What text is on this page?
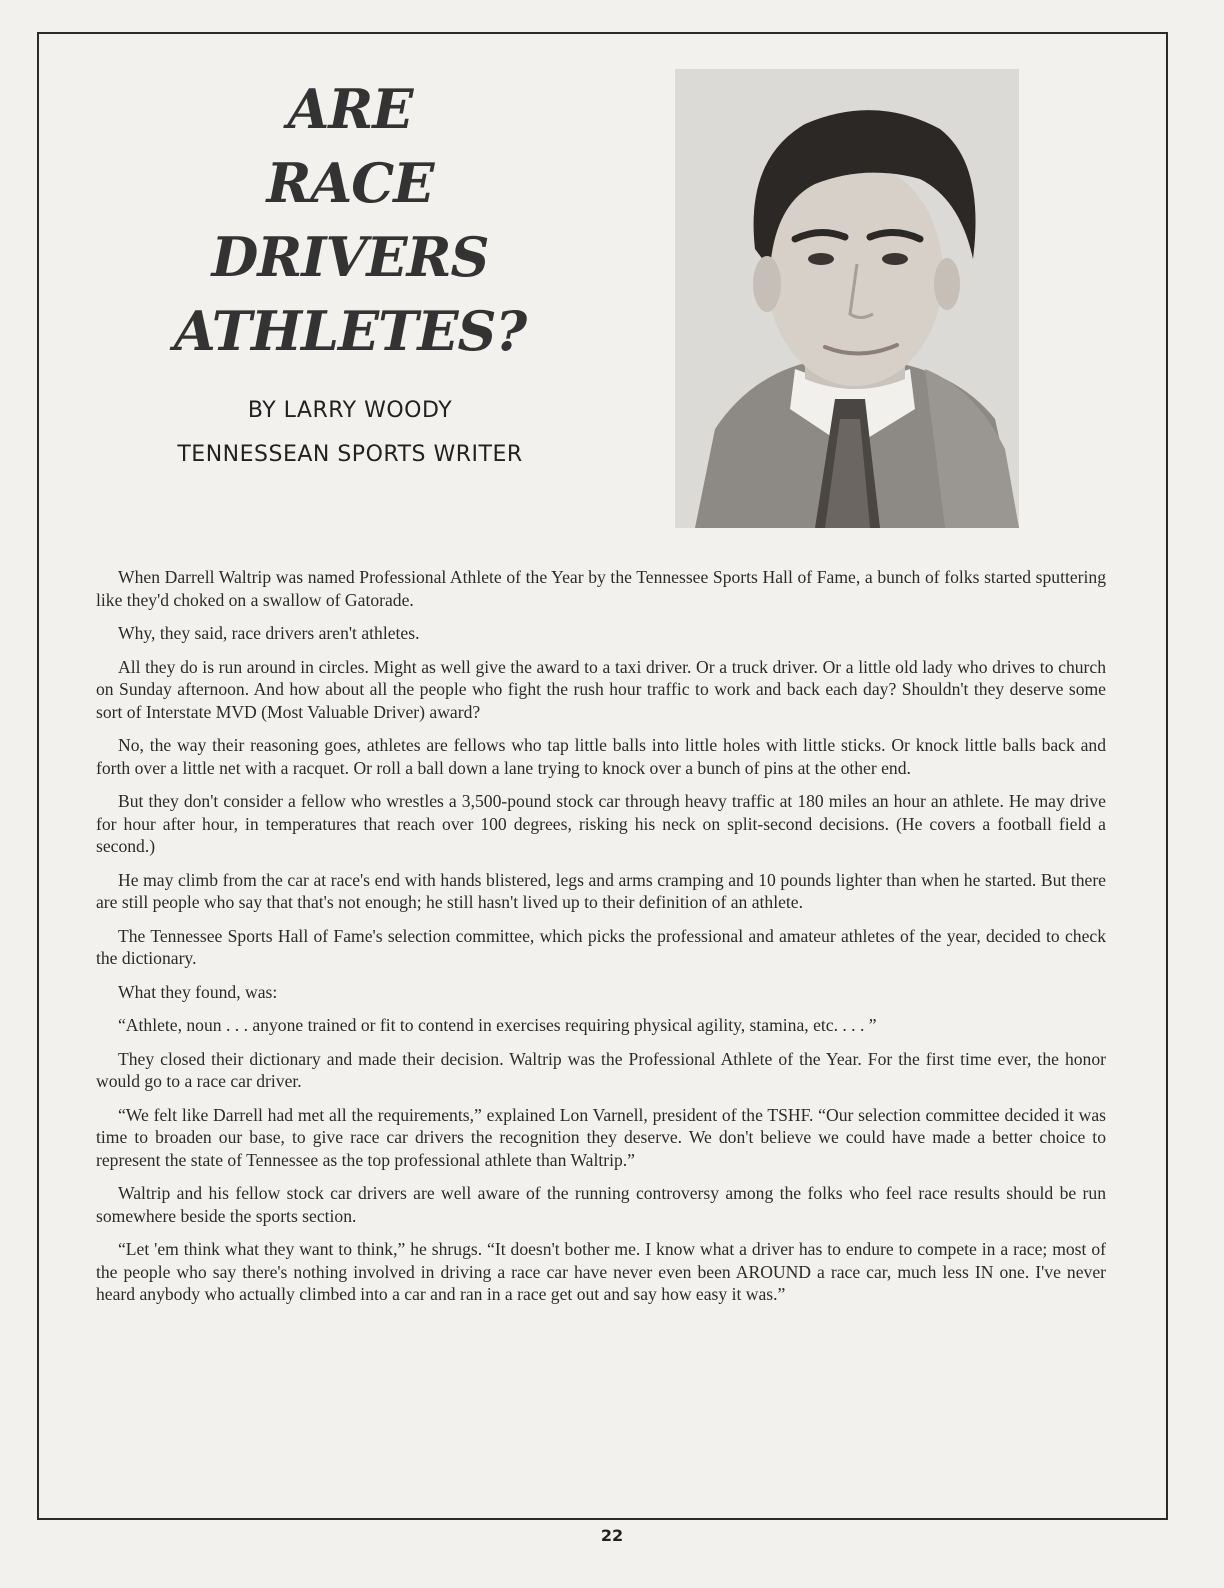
ARE
RACE
DRIVERS
ATHLETES?
BY LARRY WOODY
TENNESSEAN SPORTS WRITER

When Darrell Waltrip was named Professional Athlete of the Year by the Tennessee Sports Hall of Fame, a bunch of folks started sputtering like they'd choked on a swallow of Gatorade.

Why, they said, race drivers aren't athletes.

All they do is run around in circles. Might as well give the award to a taxi driver. Or a truck driver. Or a little old lady who drives to church on Sunday afternoon. And how about all the people who fight the rush hour traffic to work and back each day? Shouldn't they deserve some sort of Interstate MVD (Most Valuable Driver) award?

No, the way their reasoning goes, athletes are fellows who tap little balls into little holes with little sticks. Or knock little balls back and forth over a little net with a racquet. Or roll a ball down a lane trying to knock over a bunch of pins at the other end.

But they don't consider a fellow who wrestles a 3,500-pound stock car through heavy traffic at 180 miles an hour an athlete. He may drive for hour after hour, in temperatures that reach over 100 degrees, risking his neck on split-second decisions. (He covers a football field a second.)

He may climb from the car at race's end with hands blistered, legs and arms cramping and 10 pounds lighter than when he started. But there are still people who say that that's not enough; he still hasn't lived up to their definition of an athlete.

The Tennessee Sports Hall of Fame's selection committee, which picks the professional and amateur athletes of the year, decided to check the dictionary.

What they found, was:

“Athlete, noun . . . anyone trained or fit to contend in exercises requiring physical agility, stamina, etc. . . . ”

They closed their dictionary and made their decision. Waltrip was the Professional Athlete of the Year. For the first time ever, the honor would go to a race car driver.

“We felt like Darrell had met all the requirements,” explained Lon Varnell, president of the TSHF. “Our selection committee decided it was time to broaden our base, to give race car drivers the recognition they deserve. We don't believe we could have made a better choice to represent the state of Tennessee as the top professional athlete than Waltrip.”

Waltrip and his fellow stock car drivers are well aware of the running controversy among the folks who feel race results should be run somewhere beside the sports section.

“Let 'em think what they want to think,” he shrugs. “It doesn't bother me. I know what a driver has to endure to compete in a race; most of the people who say there's nothing involved in driving a race car have never even been AROUND a race car, much less IN one. I've never heard anybody who actually climbed into a car and ran in a race get out and say how easy it was.”

22
